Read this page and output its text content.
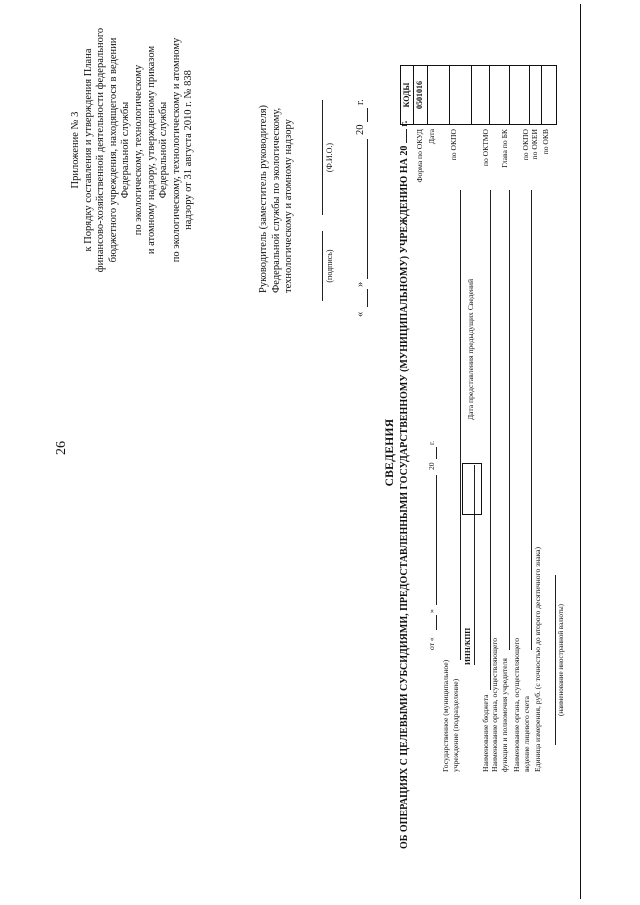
26
Приложение № 3 к Порядку составления и утверждения Плана финансово-хозяйственной деятельности федерального бюджетного учреждения, находящегося в ведении Федеральной службы по экологическому, технологическому и атомному надзору, утвержденному приказом Федеральной службы по экологическому, технологическому и атомному надзору от 31 августа 2010 г. № 838	Руководитель (заместитель руководителя) Федеральной службы по экологическому, технологическому и атомному надзору	(подпись)
(Ф.И.О.)
«
»
20
г.
СВЕДЕНИЯ ОБ ОПЕРАЦИЯХ С ЦЕЛЕВЫМИ СУБСИДИЯМИ, ПРЕДОСТАВЛЕННЫМИ ГОСУДАРСТВЕННОМУ (МУНИЦИПАЛЬНОМУ) УЧРЕЖДЕНИЮ НА 20  г.
КОДЫ 0501016
Форма по ОКУД Дата по ОКПО
Дата представления предыдущих Сведений
по ОКТМО Глава по БК по ОКПО по ОКЕИ по ОКВ
от «
»
20
г.
Государственное (муниципальное) учреждение (подразделение)
ИНН/КПП
Наименование бюджета Наименование органа, осуществляющего функции и полномочия учредителя Наименование органа, осуществляющего ведение лицевого счета Единица измерения, руб. (с точностью до второго десятичного знака) (наименование иностранной валюты)
